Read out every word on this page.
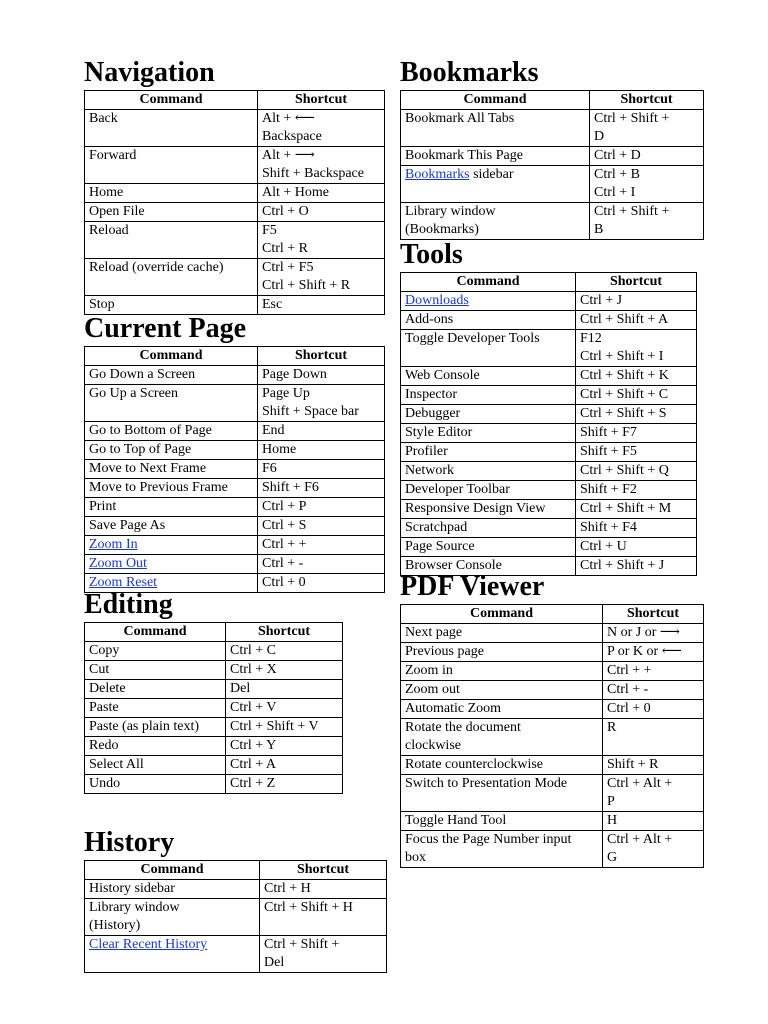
Navigation
Command	Shortcut

Back	Alt + ⟵
Backspace

Forward	Alt + ⟶
Shift + Backspace

Home	Alt + Home

Open File	Ctrl + O

Reload	F5
Ctrl + R

Reload (override cache)	Ctrl + F5
Ctrl + Shift + R

Stop	Esc
Current Page
Command	Shortcut

Go Down a Screen	Page Down

Go Up a Screen	Page Up
Shift + Space bar

Go to Bottom of Page	End

Go to Top of Page	Home

Move to Next Frame	F6

Move to Previous Frame	Shift + F6

Print	Ctrl + P

Save Page As	Ctrl + S

Zoom In	Ctrl + +

Zoom Out	Ctrl + -

Zoom Reset	Ctrl + 0
Editing
Command	Shortcut

Copy	Ctrl + C

Cut	Ctrl + X

Delete	Del

Paste	Ctrl + V

Paste (as plain text)	Ctrl + Shift + V

Redo	Ctrl + Y

Select All	Ctrl + A

Undo	Ctrl + Z
History
Command	Shortcut

History sidebar	Ctrl + H

Library window
(History)	Ctrl + Shift + H

Clear Recent History	Ctrl + Shift +
Del
Bookmarks
Command	Shortcut

Bookmark All Tabs	Ctrl + Shift +
D

Bookmark This Page	Ctrl + D

Bookmarks sidebar	Ctrl + B
Ctrl + I

Library window
(Bookmarks)	Ctrl + Shift +
B
Tools
Command	Shortcut

Downloads	Ctrl + J

Add-ons	Ctrl + Shift + A

Toggle Developer Tools	F12
Ctrl + Shift + I

Web Console	Ctrl + Shift + K

Inspector	Ctrl + Shift + C

Debugger	Ctrl + Shift + S

Style Editor	Shift + F7

Profiler	Shift + F5

Network	Ctrl + Shift + Q

Developer Toolbar	Shift + F2

Responsive Design View	Ctrl + Shift + M

Scratchpad	Shift + F4

Page Source	Ctrl + U

Browser Console	Ctrl + Shift + J
PDF Viewer
Command	Shortcut

Next page	N or J or ⟶

Previous page	P or K or ⟵

Zoom in	Ctrl + +

Zoom out	Ctrl + -

Automatic Zoom	Ctrl + 0

Rotate the document
clockwise	R

Rotate counterclockwise	Shift + R

Switch to Presentation Mode	Ctrl + Alt +
P

Toggle Hand Tool	H

Focus the Page Number input
box	Ctrl + Alt +
G
